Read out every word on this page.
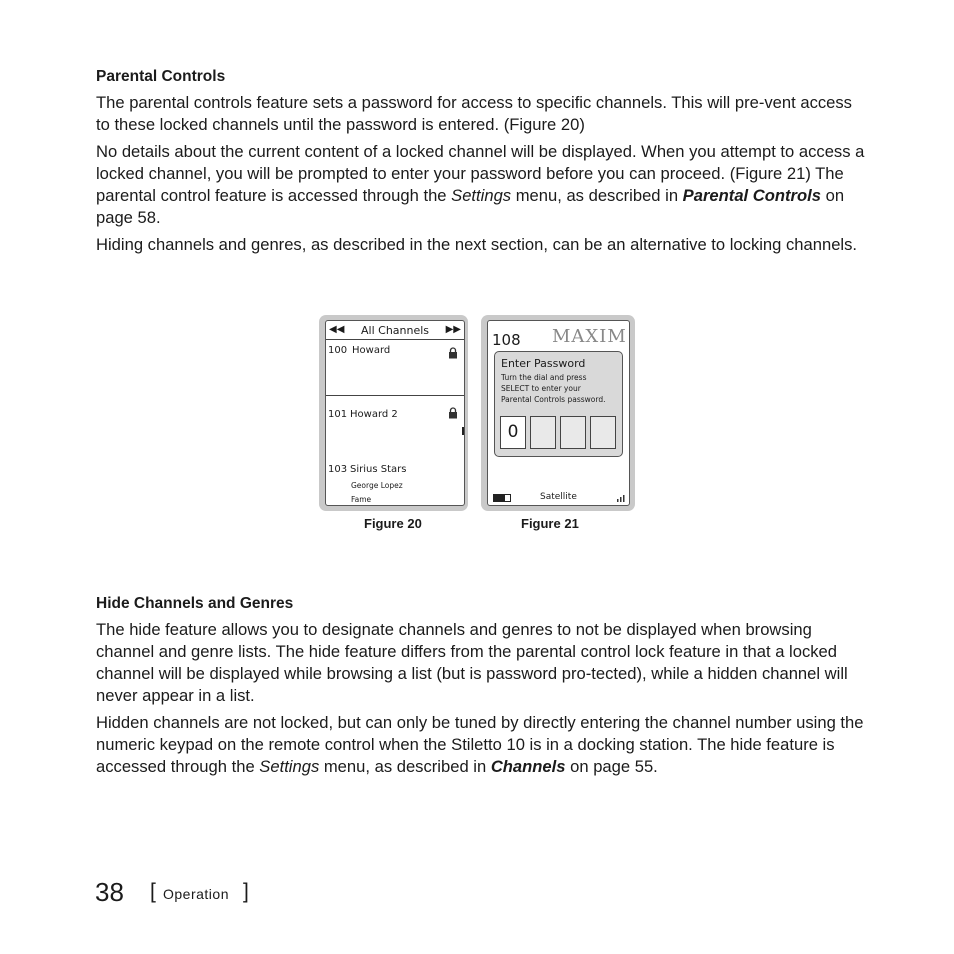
Parental Controls

The parental controls feature sets a password for access to specific channels. This will pre-vent access to these locked channels until the password is entered. (Figure 20)

No details about the current content of a locked channel will be displayed. When you attempt to access a locked channel, you will be prompted to enter your password before you can proceed. (Figure 21) The parental control feature is accessed through the Settings menu, as described in Parental Controls on page 58.

Hiding channels and genres, as described in the next section, can be an alternative to locking channels.

◀◀ All Channels ▶▶
100 Howard
101 Howard 2
103 Sirius Stars
George Lopez
Fame
Figure 20
108 MAXIM
Enter Password
Turn the dial and press
SELECT to enter your
Parental Controls password.
0
Satellite
Figure 21
Hide Channels and Genres

The hide feature allows you to designate channels and genres to not be displayed when browsing channel and genre lists. The hide feature differs from the parental control lock feature in that a locked channel will be displayed while browsing a list (but is password pro-tected), while a hidden channel will never appear in a list.

Hidden channels are not locked, but can only be tuned by directly entering the channel number using the numeric keypad on the remote control when the Stiletto 10 is in a docking station. The hide feature is accessed through the Settings menu, as described in Channels on page 55.

38 [ Operation ]
